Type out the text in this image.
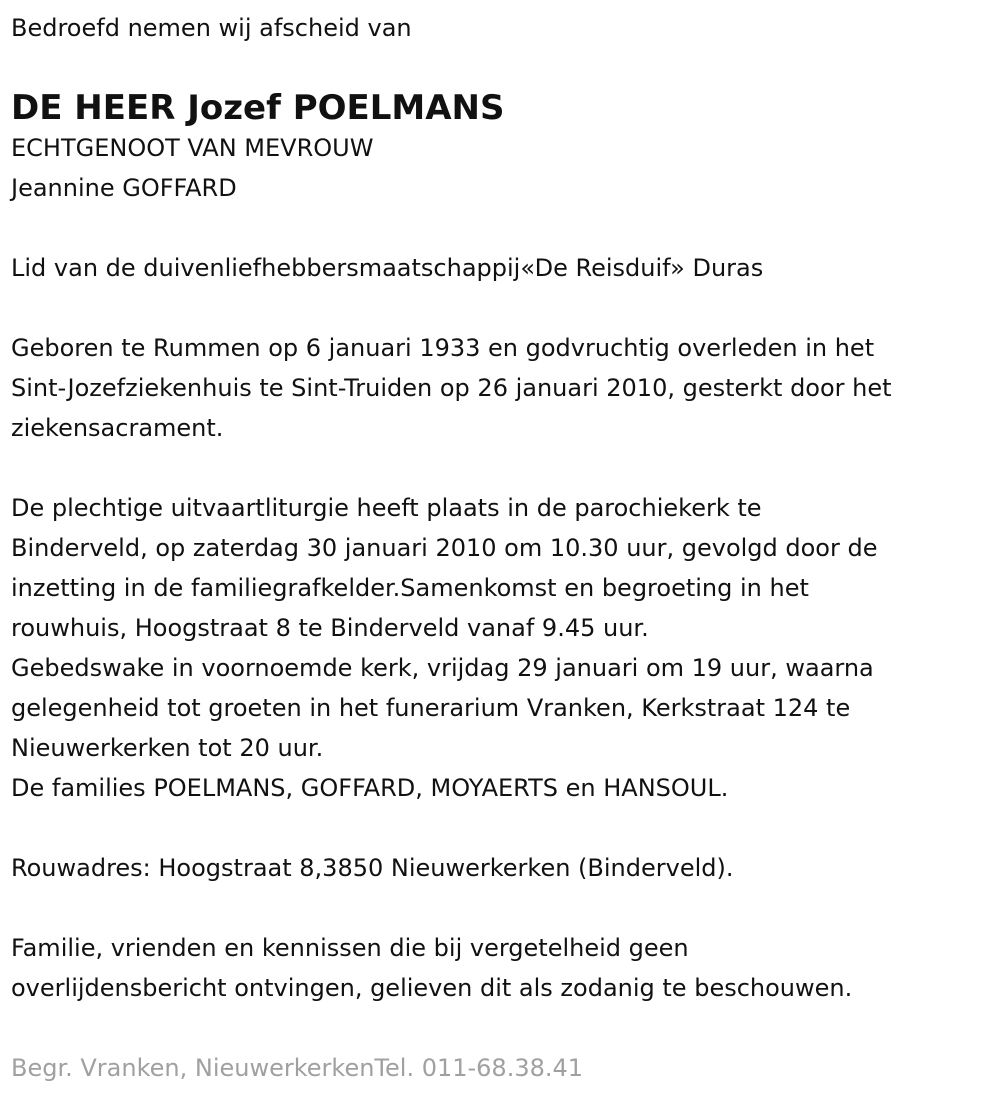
Bedroefd nemen wij afscheid van

DE HEER Jozef POELMANS

ECHTGENOOT VAN MEVROUW

Jeannine GOFFARD

Lid van de duivenliefhebbersmaatschappij«De Reisduif» Duras

Geboren te Rummen op 6 januari 1933 en godvruchtig overleden in het

Sint-Jozefziekenhuis te Sint-Truiden op 26 januari 2010, gesterkt door het

ziekensacrament.

De plechtige uitvaartliturgie heeft plaats in de parochiekerk te

Binderveld, op zaterdag 30 januari 2010 om 10.30 uur, gevolgd door de

inzetting in de familiegrafkelder.Samenkomst en begroeting in het

rouwhuis, Hoogstraat 8 te Binderveld vanaf 9.45 uur.

Gebedswake in voornoemde kerk, vrijdag 29 januari om 19 uur, waarna

gelegenheid tot groeten in het funerarium Vranken, Kerkstraat 124 te

Nieuwerkerken tot 20 uur.

De families POELMANS, GOFFARD, MOYAERTS en HANSOUL.

Rouwadres: Hoogstraat 8,3850 Nieuwerkerken (Binderveld).

Familie, vrienden en kennissen die bij vergetelheid geen

overlijdensbericht ontvingen, gelieven dit als zodanig te beschouwen.

Begr. Vranken, NieuwerkerkenTel. 011-68.38.41
